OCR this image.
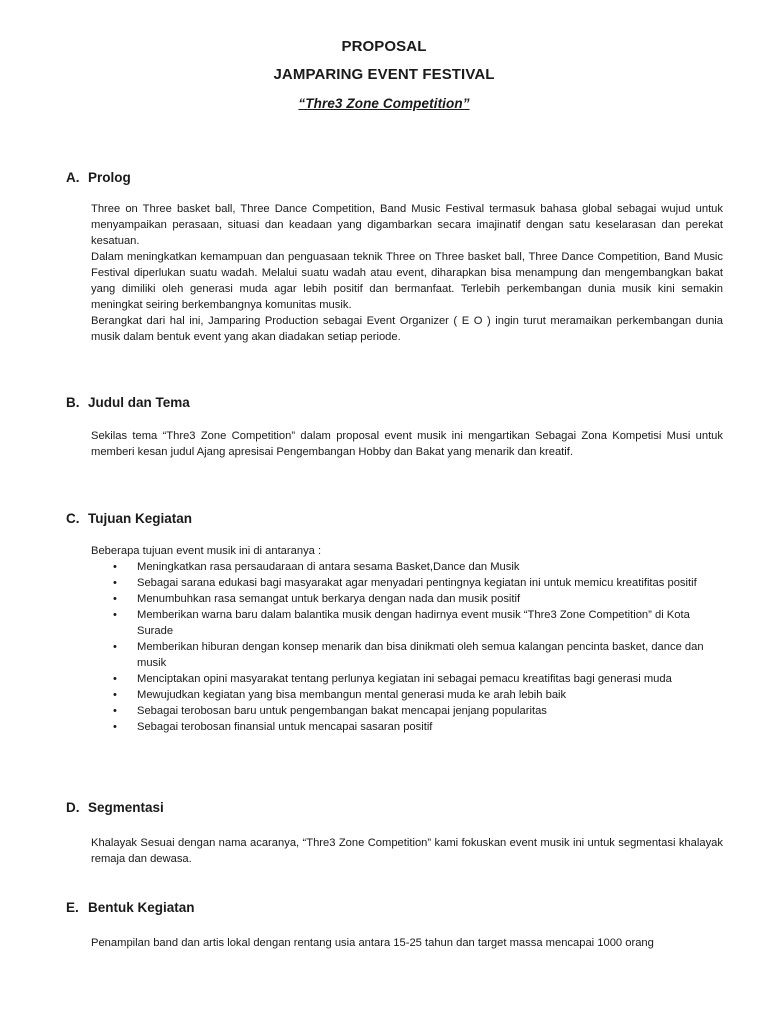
PROPOSAL
JAMPARING EVENT FESTIVAL
“Thre3 Zone Competition”
A. Prolog

Three on Three basket ball, Three Dance Competition, Band Music Festival termasuk bahasa global sebagai wujud untuk menyampaikan perasaan, situasi dan keadaan yang digambarkan secara imajinatif dengan satu keselarasan dan perekat kesatuan.

Dalam meningkatkan kemampuan dan penguasaan teknik Three on Three basket ball, Three Dance Competition, Band Music Festival diperlukan suatu wadah. Melalui suatu wadah atau event, diharapkan bisa menampung dan mengembangkan bakat yang dimiliki oleh generasi muda agar lebih positif dan bermanfaat. Terlebih perkembangan dunia musik kini semakin meningkat seiring berkembangnya komunitas musik.

Berangkat dari hal ini, Jamparing Production sebagai Event Organizer ( E O ) ingin turut meramaikan perkembangan dunia musik dalam bentuk event yang akan diadakan setiap periode.

B. Judul dan Tema

Sekilas tema “Thre3 Zone Competition” dalam proposal event musik ini mengartikan Sebagai Zona Kompetisi Musi untuk memberi kesan judul Ajang apresisai Pengembangan Hobby dan Bakat yang menarik dan kreatif.

C. Tujuan Kegiatan
Beberapa tujuan event musik ini di antaranya :
• Meningkatkan rasa persaudaraan di antara sesama Basket,Dance dan Musik
• Sebagai sarana edukasi bagi masyarakat agar menyadari pentingnya kegiatan ini untuk memicu kreatifitas positif
• Menumbuhkan rasa semangat untuk berkarya dengan nada dan musik positif
• Memberikan warna baru dalam balantika musik dengan hadirnya event musik “Thre3 Zone Competition” di Kota Surade
• Memberikan hiburan dengan konsep menarik dan bisa dinikmati oleh semua kalangan pencinta basket, dance dan musik
• Menciptakan opini masyarakat tentang perlunya kegiatan ini sebagai pemacu kreatifitas bagi generasi muda
• Mewujudkan kegiatan yang bisa membangun mental generasi muda ke arah lebih baik
• Sebagai terobosan baru untuk pengembangan bakat mencapai jenjang popularitas
• Sebagai terobosan finansial untuk mencapai sasaran positif
D. Segmentasi

Khalayak Sesuai dengan nama acaranya, “Thre3 Zone Competition” kami fokuskan event musik ini untuk segmentasi khalayak remaja dan dewasa.

E. Bentuk Kegiatan

Penampilan band dan artis lokal dengan rentang usia antara 15-25 tahun dan target massa mencapai 1000 orang
